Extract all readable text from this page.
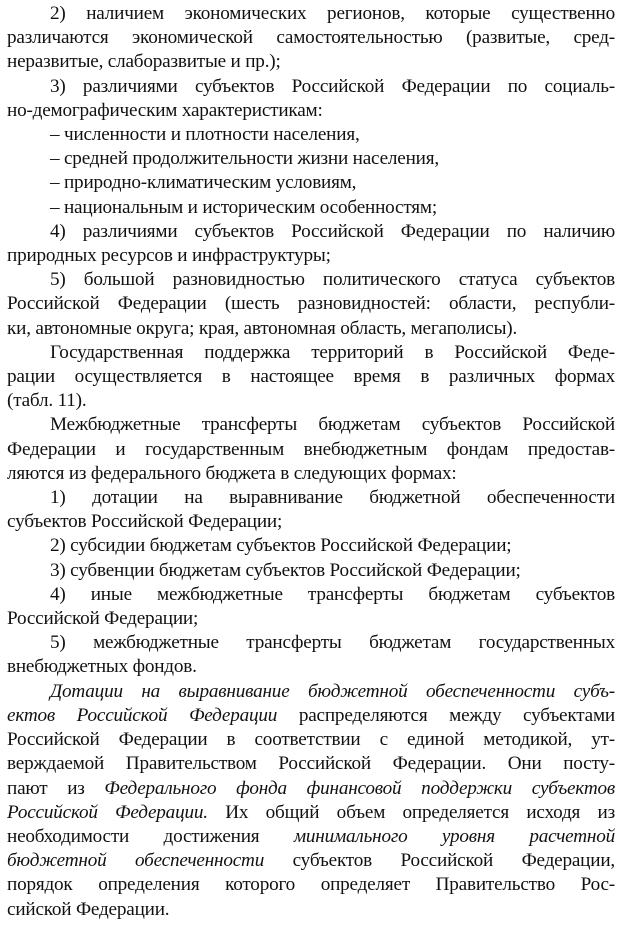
2) наличием экономических регионов, которые существенно
различаются экономической самостоятельностью (развитые, сред-
неразвитые, слаборазвитые и пр.);
3) различиями субъектов Российской Федерации по социаль-
но-демографическим характеристикам:
– численности и плотности населения,
– средней продолжительности жизни населения,
– природно-климатическим условиям,
– национальным и историческим особенностям;
4) различиями субъектов Российской Федерации по наличию
природных ресурсов и инфраструктуры;
5) большой разновидностью политического статуса субъектов
Российской Федерации (шесть разновидностей: области, республи-
ки, автономные округа; края, автономная область, мегаполисы).
Государственная поддержка территорий в Российской Феде-
рации осуществляется в настоящее время в различных формах
(табл. 11).
Межбюджетные трансферты бюджетам субъектов Российской
Федерации и государственным внебюджетным фондам предостав-
ляются из федерального бюджета в следующих формах:
1) дотации на выравнивание бюджетной обеспеченности
субъектов Российской Федерации;
2) субсидии бюджетам субъектов Российской Федерации;
3) субвенции бюджетам субъектов Российской Федерации;
4) иные межбюджетные трансферты бюджетам субъектов
Российской Федерации;
5) межбюджетные трансферты бюджетам государственных
внебюджетных фондов.
Дотации на выравнивание бюджетной обеспеченности субъ-
ектов Российской Федерации распределяются между субъектами
Российской Федерации в соответствии с единой методикой, ут-
верждаемой Правительством Российской Федерации. Они посту-
пают из Федерального фонда финансовой поддержки субъектов
Российской Федерации. Их общий объем определяется исходя из
необходимости достижения минимального уровня расчетной
бюджетной обеспеченности субъектов Российской Федерации,
порядок определения которого определяет Правительство Рос-
сийской Федерации.
